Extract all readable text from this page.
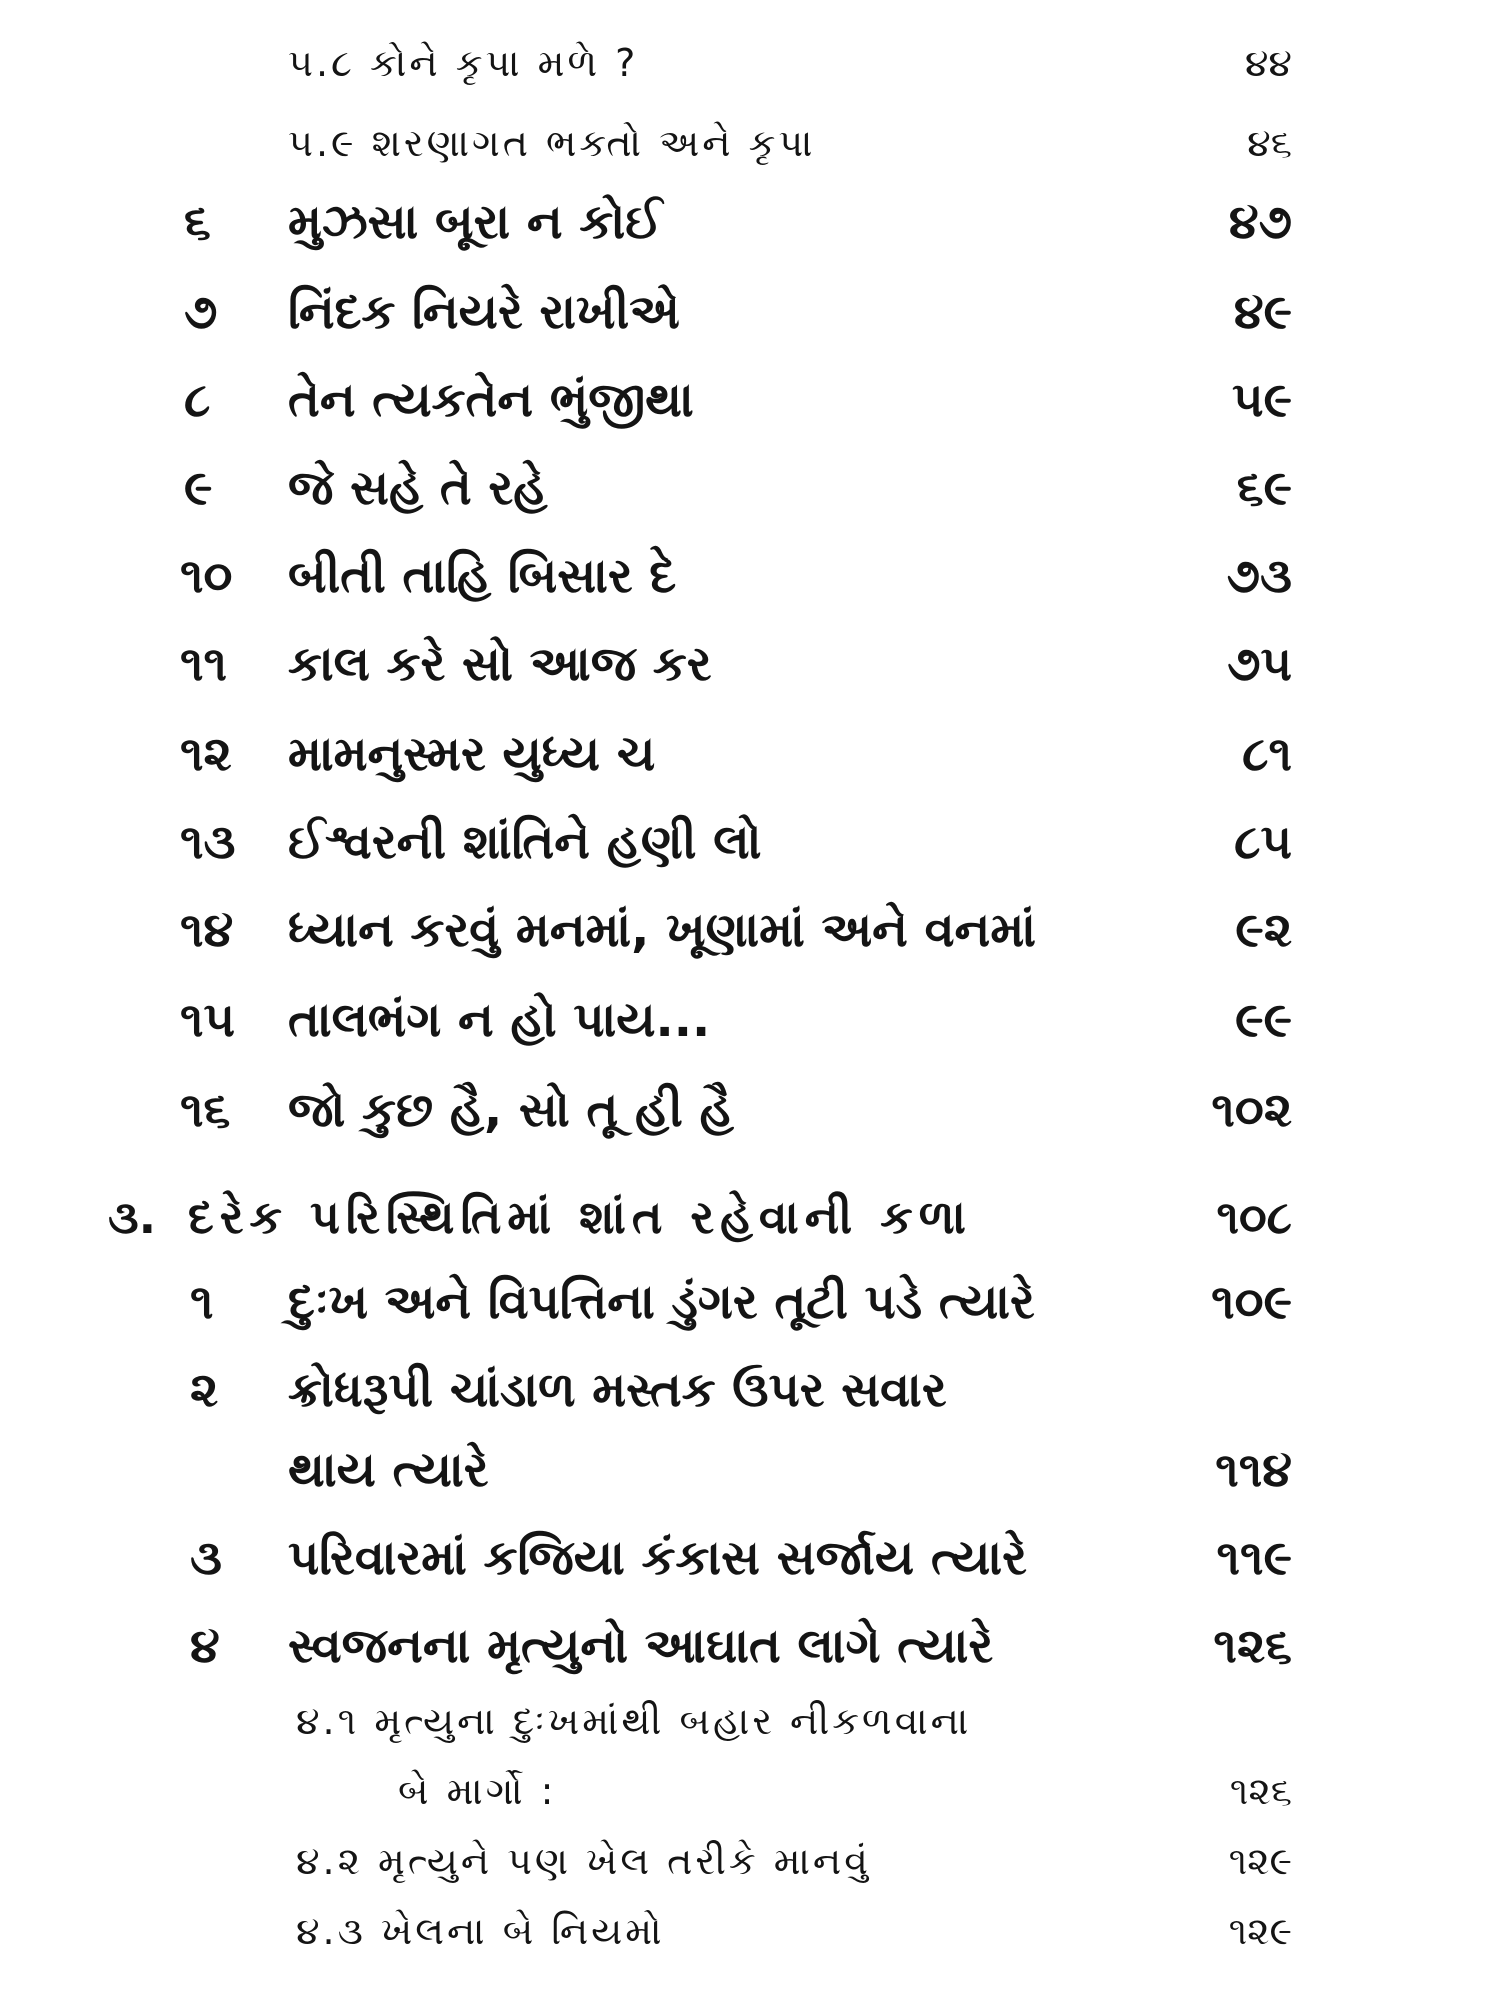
૫.૮ કોને કૃપા મળે ?	૪૪
૫.૯ શરણાગત ભક્તો અને કૃપા	૪૬
૬ મુઝસા બૂરા ન કોઈ	૪૭
૭ નિંદક નિયરે રાખીએ	૪૯
૮ તેન ત્યકતેન ભુંજીથા	૫૯
૯ જે સહે તે રહે	૬૯
૧૦ બીતી તાહિ બિસાર દે	૭૩
૧૧ કાલ કરે સો આજ કર	૭૫
૧૨ મામનુસ્મર યુધ્ય ચ	૮૧
૧૩ ઈશ્વરની શાંતિને હણી લો	૮૫
૧૪ ધ્યાન કરવું મનમાં, ખૂણામાં અને વનમાં	૯૨
૧૫ તાલભંગ ન હો પાય...	૯૯
૧૬ જો કુછ હૈ, સો તૂ હી હૈ	૧૦૨
૩. દરેક પરિસ્થિતિમાં શાંત રહેવાની કળા	૧૦૮
૧ દુઃખ અને વિપત્તિના ડુંગર તૂટી પડે ત્યારે	૧૦૯
૨ ક્રોધરૂપી ચાંડાળ મસ્તક ઉપર સવાર
થાય ત્યારે	૧૧૪
૩ પરિવારમાં કજિયા કંકાસ સર્જાય ત્યારે	૧૧૯
૪ સ્વજનના મૃત્યુનો આઘાત લાગે ત્યારે	૧૨૬
૪.૧ મૃત્યુના દુઃખમાંથી બહાર નીકળવાના
બે માર્ગો :	૧૨૬
૪.૨ મૃત્યુને પણ ખેલ તરીકે માનવું	૧૨૯
૪.૩ ખેલના બે નિયમો	૧૨૯
